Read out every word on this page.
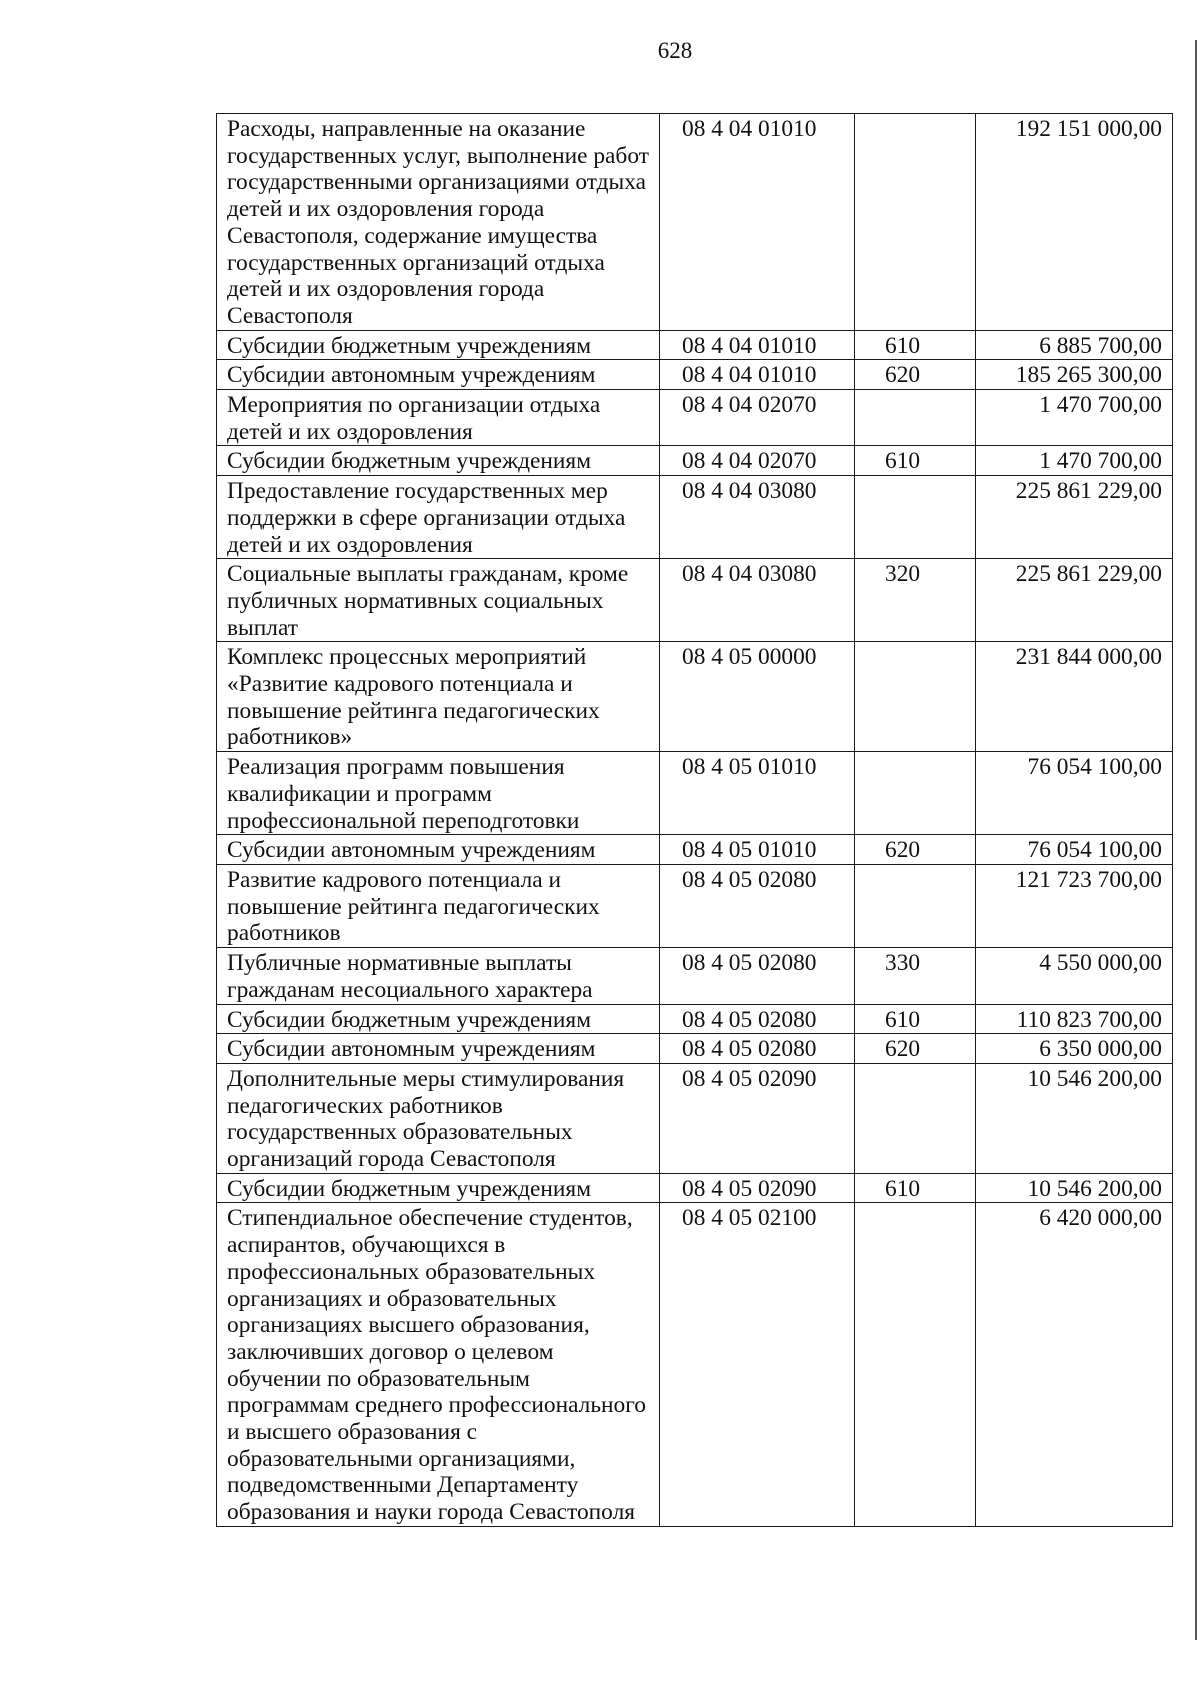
628
Расходы, направленные на оказание государственных услуг, выполнение работ государственными организациями отдыха детей и их оздоровления города Севастополя, содержание имущества государственных организаций отдыха детей и их оздоровления города Севастополя	08 4 04 01010		192 151 000,00
Субсидии бюджетным учреждениям	08 4 04 01010	610	6 885 700,00
Субсидии автономным учреждениям	08 4 04 01010	620	185 265 300,00
Мероприятия по организации отдыха детей и их оздоровления	08 4 04 02070		1 470 700,00
Субсидии бюджетным учреждениям	08 4 04 02070	610	1 470 700,00
Предоставление государственных мер поддержки в сфере организации отдыха детей и их оздоровления	08 4 04 03080		225 861 229,00
Социальные выплаты гражданам, кроме публичных нормативных социальных выплат	08 4 04 03080	320	225 861 229,00
Комплекс процессных мероприятий «Развитие кадрового потенциала и повышение рейтинга педагогических работников»	08 4 05 00000		231 844 000,00
Реализация программ повышения квалификации и программ профессиональной переподготовки	08 4 05 01010		76 054 100,00
Субсидии автономным учреждениям	08 4 05 01010	620	76 054 100,00
Развитие кадрового потенциала и повышение рейтинга педагогических работников	08 4 05 02080		121 723 700,00
Публичные нормативные выплаты гражданам несоциального характера	08 4 05 02080	330	4 550 000,00
Субсидии бюджетным учреждениям	08 4 05 02080	610	110 823 700,00
Субсидии автономным учреждениям	08 4 05 02080	620	6 350 000,00
Дополнительные меры стимулирования педагогических работников государственных образовательных организаций города Севастополя	08 4 05 02090		10 546 200,00
Субсидии бюджетным учреждениям	08 4 05 02090	610	10 546 200,00
Стипендиальное обеспечение студентов, аспирантов, обучающихся в профессиональных образовательных организациях и образовательных организациях высшего образования, заключивших договор о целевом обучении по образовательным программам среднего профессионального и высшего образования с образовательными организациями, подведомственными Департаменту образования и науки города Севастополя	08 4 05 02100		6 420 000,00
